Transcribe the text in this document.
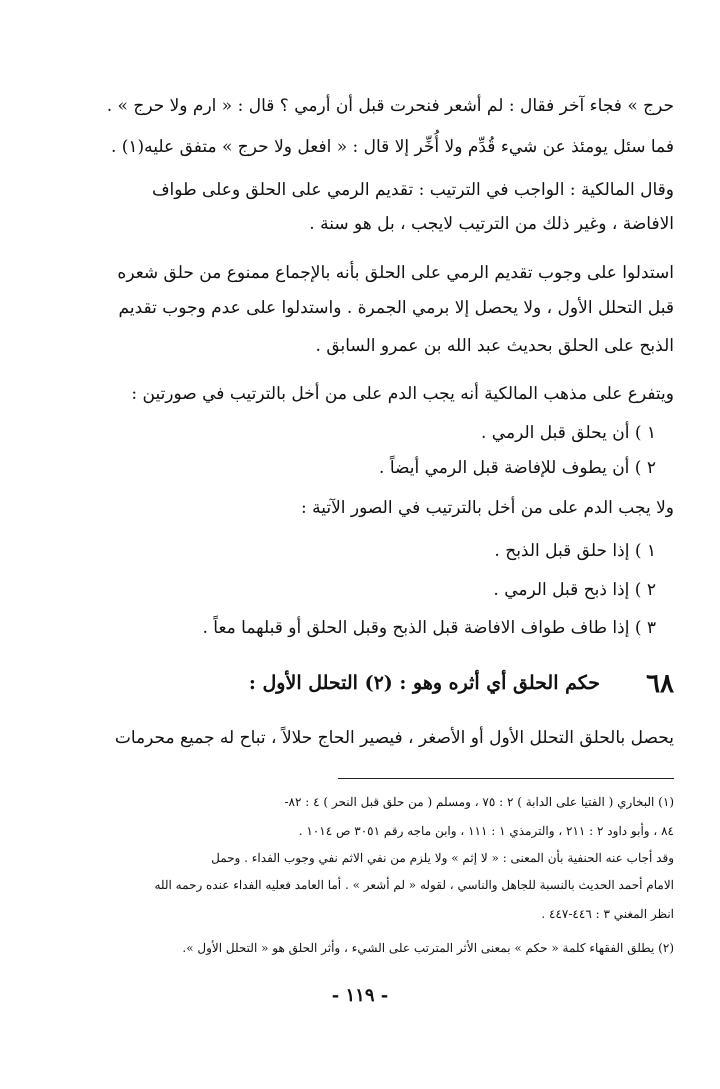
حرج » فجاء آخر فقال : لم أشعر فنحرت قبل أن أرمي ؟ قال : « ارم ولا حرج » .

فما سئل يومئذ عن شيء قُدِّم ولا أُخِّر إلا قال : « افعل ولا حرج » متفق عليه(١) .

وقال المالكية : الواجب في الترتيب : تقديم الرمي على الحلق وعلى طواف

الافاضة ، وغير ذلك من الترتيب لايجب ، بل هو سنة .

استدلوا على وجوب تقديم الرمي على الحلق بأنه بالإجماع ممنوع من حلق شعره

قبل التحلل الأول ، ولا يحصل إلا برمي الجمرة . واستدلوا على عدم وجوب تقديم

الذبح على الحلق بحديث عبد الله بن عمرو السابق .

ويتفرع على مذهب المالكية أنه يجب الدم على من أخل بالترتيب في صورتين :

١ ) أن يحلق قبل الرمي .

٢ ) أن يطوف للإفاضة قبل الرمي أيضاً .

ولا يجب الدم على من أخل بالترتيب في الصور الآتية :

١ ) إذا حلق قبل الذبح .

٢ ) إذا ذبح قبل الرمي .

٣ ) إذا طاف طواف الافاضة قبل الذبح وقبل الحلق أو قبلهما معاً .

٦٨

حكم الحلق أي أثره وهو : (٢) التحلل الأول :

يحصل بالحلق التحلل الأول أو الأصغر ، فيصير الحاج حلالاً ، تباح له جميع محرمات

(١) البخاري ( الفتيا على الدابة ) ٢ : ٧٥ ، ومسلم ( من حلق قبل النحر ) ٤ : ٨٢-

٨٤ ، وأبو داود ٢ : ٢١١ ، والترمذي ١ : ١١١ ، وابن ماجه رقم ٣٠٥١ ص ١٠١٤ .

وقد أجاب عنه الحنفية بأن المعنى : « لا إثم » ولا يلزم من نفي الاثم نفي وجوب الفداء . وحمل

الامام أحمد الحديث بالنسبة للجاهل والناسي ، لقوله « لم أشعر » . أما العامد فعليه الفداء عنده رحمه الله

انظر المغني ٣ : ٤٤٦-٤٤٧ .

(٢) يطلق الفقهاء كلمة « حكم » بمعنى الأثر المترتب على الشيء ، وأثر الحلق هو « التحلل الأول ».

- ١١٩ -
